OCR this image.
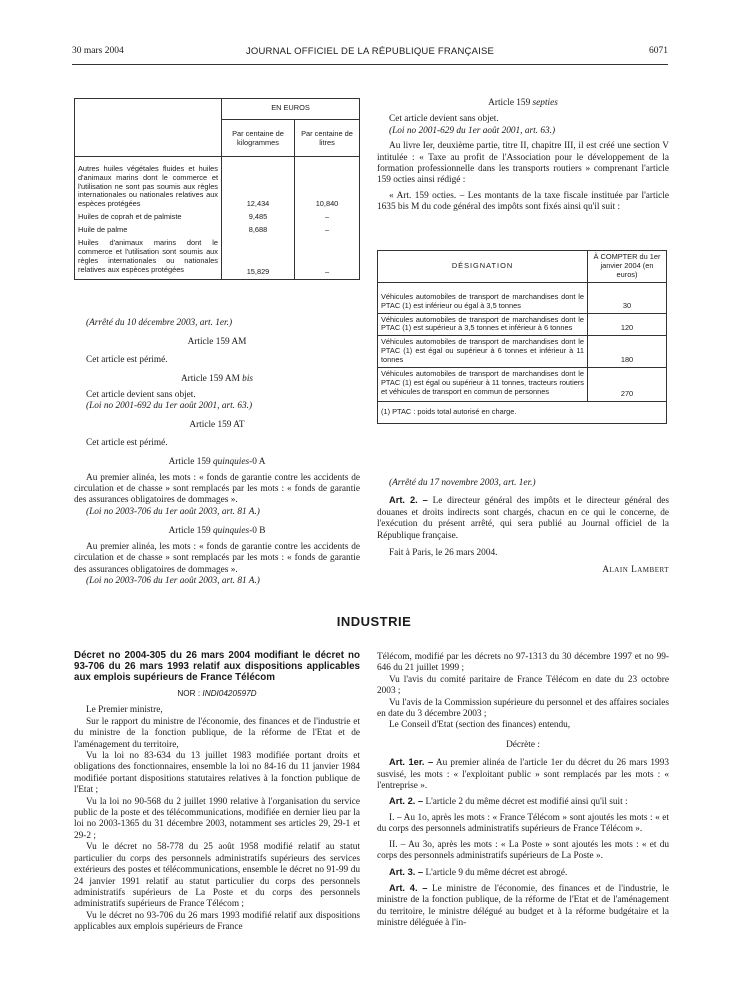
30 mars 2004	JOURNAL OFFICIEL DE LA RÉPUBLIQUE FRANÇAISE	6071
	EN EUROS	
	Par centaine de kilogrammes	Par centaine de litres
Autres huiles végétales fluides et huiles d'animaux marins dont le commerce et l'utilisation ne sont pas soumis aux règles internationales ou nationales relatives aux espèces protégées	12,434	10,840
Huiles de coprah et de palmiste	9,485	–
Huile de palme	8,688	–
Huiles d'animaux marins dont le commerce et l'utilisation sont soumis aux règles internationales ou nationales relatives aux espèces protégées	15,829	–

(Arrêté du 10 décembre 2003, art. 1er.)

Article 159 AM

Cet article est périmé.

Article 159 AM bis

Cet article devient sans objet.

(Loi no 2001-692 du 1er août 2001, art. 63.)

Article 159 AT

Cet article est périmé.

Article 159 quinquies-0 A

Au premier alinéa, les mots : « fonds de garantie contre les accidents de circulation et de chasse » sont remplacés par les mots : « fonds de garantie des assurances obligatoires de dommages ».

(Loi no 2003-706 du 1er août 2003, art. 81 A.)

Article 159 quinquies-0 B

Au premier alinéa, les mots : « fonds de garantie contre les accidents de circulation et de chasse » sont remplacés par les mots : « fonds de garantie des assurances obligatoires de dommages ».

(Loi no 2003-706 du 1er août 2003, art. 81 A.)

Article 159 septies

Cet article devient sans objet.

(Loi no 2001-629 du 1er août 2001, art. 63.)

Au livre Ier, deuxième partie, titre II, chapitre III, il est créé une section V intitulée : « Taxe au profit de l'Association pour le développement de la formation professionnelle dans les transports routiers » comprenant l'article 159 octies ainsi rédigé :

« Art. 159 octies. – Les montants de la taxe fiscale instituée par l'article 1635 bis M du code général des impôts sont fixés ainsi qu'il suit :

DÉSIGNATION	À COMPTER du 1er janvier 2004 (en euros)
Véhicules automobiles de transport de marchandises dont le PTAC (1) est inférieur ou égal à 3,5 tonnes	30
Véhicules automobiles de transport de marchandises dont le PTAC (1) est supérieur à 3,5 tonnes et inférieur à 6 tonnes	120
Véhicules automobiles de transport de marchandises dont le PTAC (1) est égal ou supérieur à 6 tonnes et inférieur à 11 tonnes	180
Véhicules automobiles de transport de marchandises dont le PTAC (1) est égal ou supérieur à 11 tonnes, tracteurs routiers et véhicules de transport en commun de personnes	270
(1) PTAC : poids total autorisé en charge.	

(Arrêté du 17 novembre 2003, art. 1er.)

Art. 2. – Le directeur général des impôts et le directeur général des douanes et droits indirects sont chargés, chacun en ce qui le concerne, de l'exécution du présent arrêté, qui sera publié au Journal officiel de la République française.

Fait à Paris, le 26 mars 2004.

Alain Lambert

INDUSTRIE

Décret no 2004-305 du 26 mars 2004 modifiant le décret no 93-706 du 26 mars 1993 relatif aux dispositions applicables aux emplois supérieurs de France Télécom

NOR : INDI0420597D

Le Premier ministre,

Sur le rapport du ministre de l'économie, des finances et de l'industrie et du ministre de la fonction publique, de la réforme de l'Etat et de l'aménagement du territoire,

Vu la loi no 83-634 du 13 juillet 1983 modifiée portant droits et obligations des fonctionnaires, ensemble la loi no 84-16 du 11 janvier 1984 modifiée portant dispositions statutaires relatives à la fonction publique de l'Etat ;

Vu la loi no 90-568 du 2 juillet 1990 relative à l'organisation du service public de la poste et des télécommunications, modifiée en dernier lieu par la loi no 2003-1365 du 31 décembre 2003, notamment ses articles 29, 29-1 et 29-2 ;

Vu le décret no 58-778 du 25 août 1958 modifié relatif au statut particulier du corps des personnels administratifs supérieurs des services extérieurs des postes et télécommunications, ensemble le décret no 91-99 du 24 janvier 1991 relatif au statut particulier du corps des personnels administratifs supérieurs de La Poste et du corps des personnels administratifs supérieurs de France Télécom ;

Vu le décret no 93-706 du 26 mars 1993 modifié relatif aux dispositions applicables aux emplois supérieurs de France

Télécom, modifié par les décrets no 97-1313 du 30 décembre 1997 et no 99-646 du 21 juillet 1999 ;

Vu l'avis du comité paritaire de France Télécom en date du 23 octobre 2003 ;

Vu l'avis de la Commission supérieure du personnel et des affaires sociales en date du 3 décembre 2003 ;

Le Conseil d'Etat (section des finances) entendu,

Décrète :

Art. 1er. – Au premier alinéa de l'article 1er du décret du 26 mars 1993 susvisé, les mots : « l'exploitant public » sont remplacés par les mots : « l'entreprise ».

Art. 2. – L'article 2 du même décret est modifié ainsi qu'il suit :

I. – Au 1o, après les mots : « France Télécom » sont ajoutés les mots : « et du corps des personnels administratifs supérieurs de France Télécom ».

II. – Au 3o, après les mots : « La Poste » sont ajoutés les mots : « et du corps des personnels administratifs supérieurs de La Poste ».

Art. 3. – L'article 9 du même décret est abrogé.

Art. 4. – Le ministre de l'économie, des finances et de l'industrie, le ministre de la fonction publique, de la réforme de l'Etat et de l'aménagement du territoire, le ministre délégué au budget et à la réforme budgétaire et la ministre déléguée à l'in-
